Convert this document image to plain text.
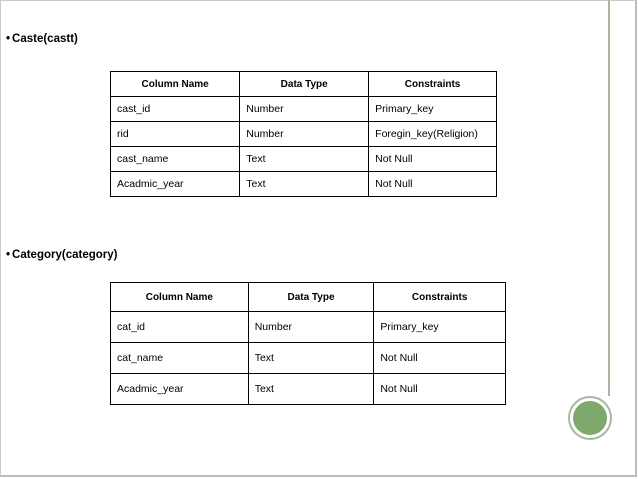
• Caste(castt)
Column Name	Data Type	Constraints
cast_id	Number	Primary_key
rid	Number	Foregin_key(Religion)
cast_name	Text	Not Null
Acadmic_year	Text	Not Null
• Category(category)
Column Name	Data Type	Constraints
cat_id	Number	Primary_key
cat_name	Text	Not Null
Acadmic_year	Text	Not Null
